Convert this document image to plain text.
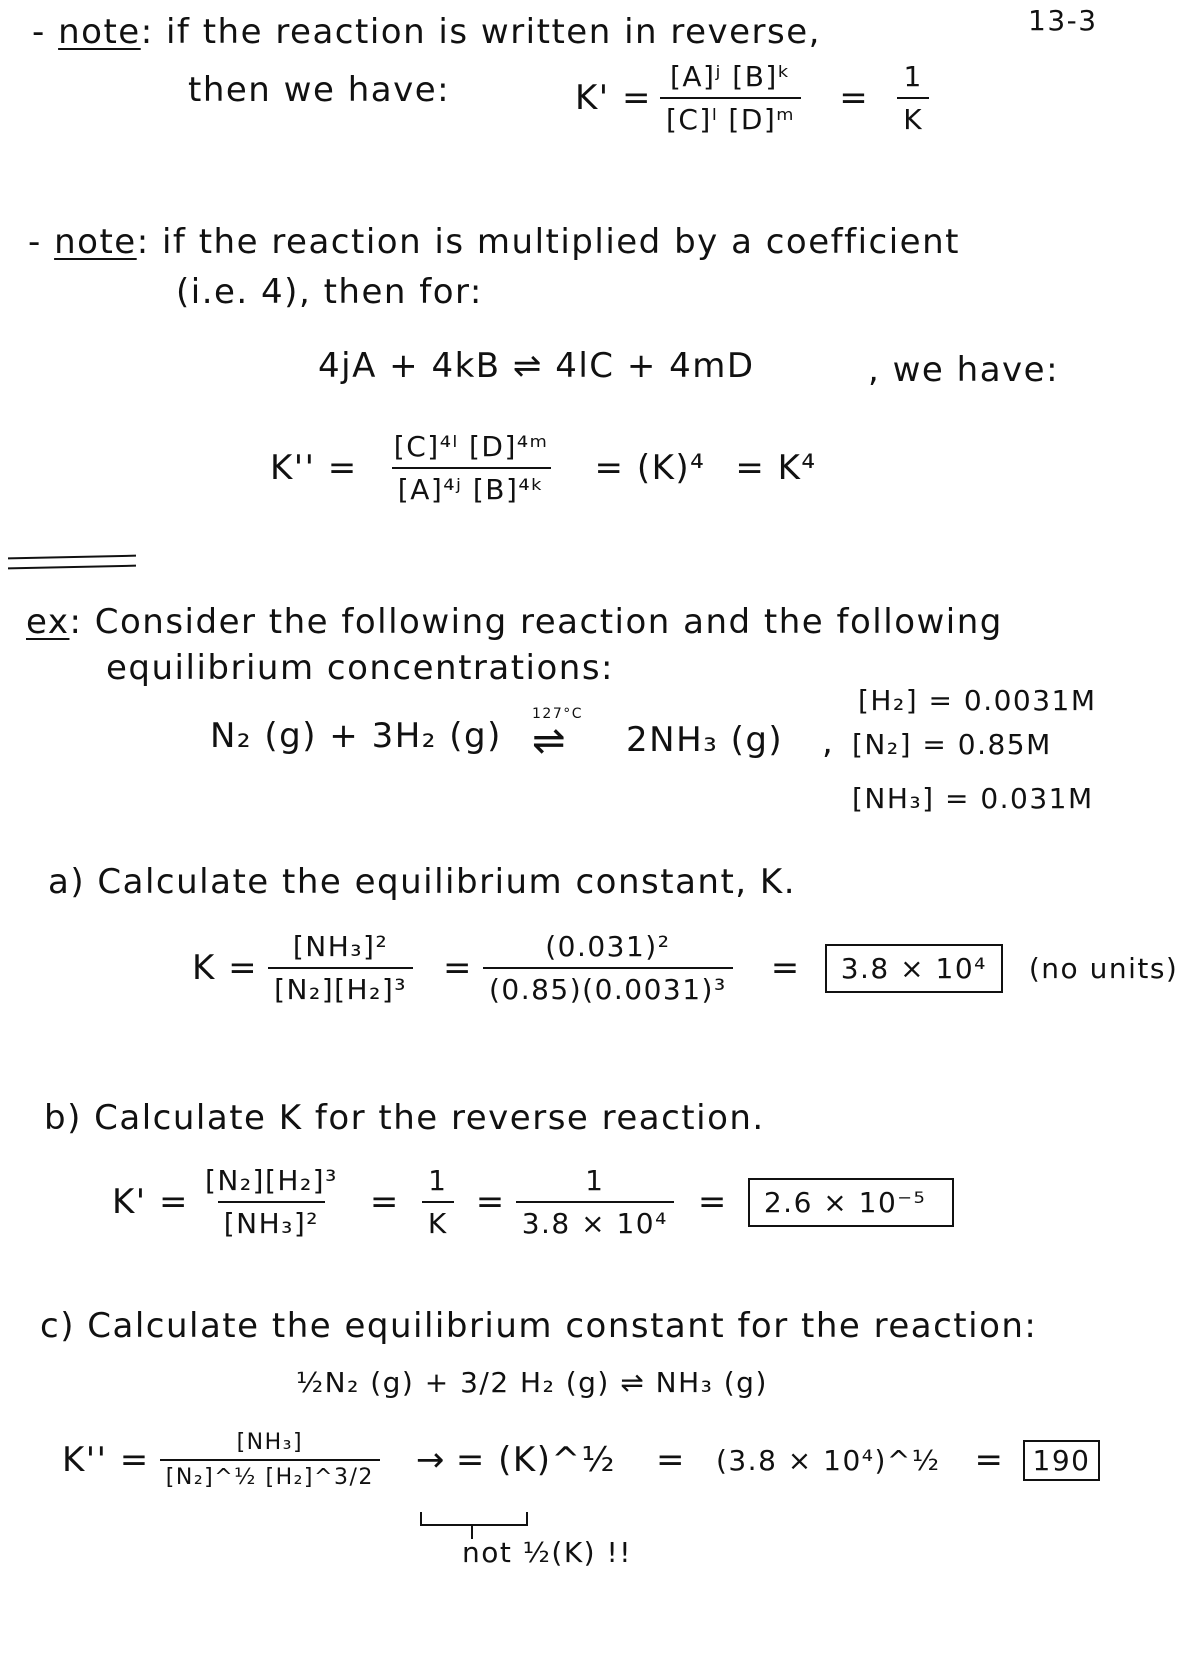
13-3
- note: if the reaction is written in reverse,
then we have:	$K' = \frac{\text{[A]ʲ [B]ᵏ}}{\text{[C]ˡ [D]ᵐ}} = \frac{1}{K}$
- note: if the reaction is multiplied by a coefficient
(i.e. 4), then for:
4jA + 4kB ⇌ 4lC + 4mD	, we have:
$K'' = \frac{\text{[C]⁴ˡ [D]⁴ᵐ}}{\text{[A]⁴ʲ [B]⁴ᵏ}} = (K)^4 = K^4$
ex: Consider the following reaction and the following
equilibrium concentrations:
N₂ (g) + 3H₂ (g)
127°C
⇌ 2NH₃ (g) ,
[H₂] = 0.0031M
[N₂] = 0.85M
[NH₃] = 0.031M
a) Calculate the equilibrium constant, K.
$K = \frac{\text{[NH₃]²}}{\text{[N₂][H₂]³}} = \frac{\text{(0.031)²}}{\text{(0.85)(0.0031)³}}$ =	3.8 × 10⁴	(no units)
b) Calculate K for the reverse reaction.
$K' = \frac{\text{[N₂][H₂]³}}{\text{[NH₃]²}} = \frac{1}{K} = \frac{1}{\text{3.8 × 10⁴}}$ =	2.6 × 10⁻⁵
c) Calculate the equilibrium constant for the reaction:
½N₂ (g) + 3/2 H₂ (g) ⇌ NH₃ (g)
$K'' = \frac{\text{[NH₃]}}{\text{[N₂]\textasciicircum{}½ [H₂]\textasciicircum{}3/2}}$ → = (K)^½ = (3.8 × 10⁴)^½ =	190
not ½(K) !!
